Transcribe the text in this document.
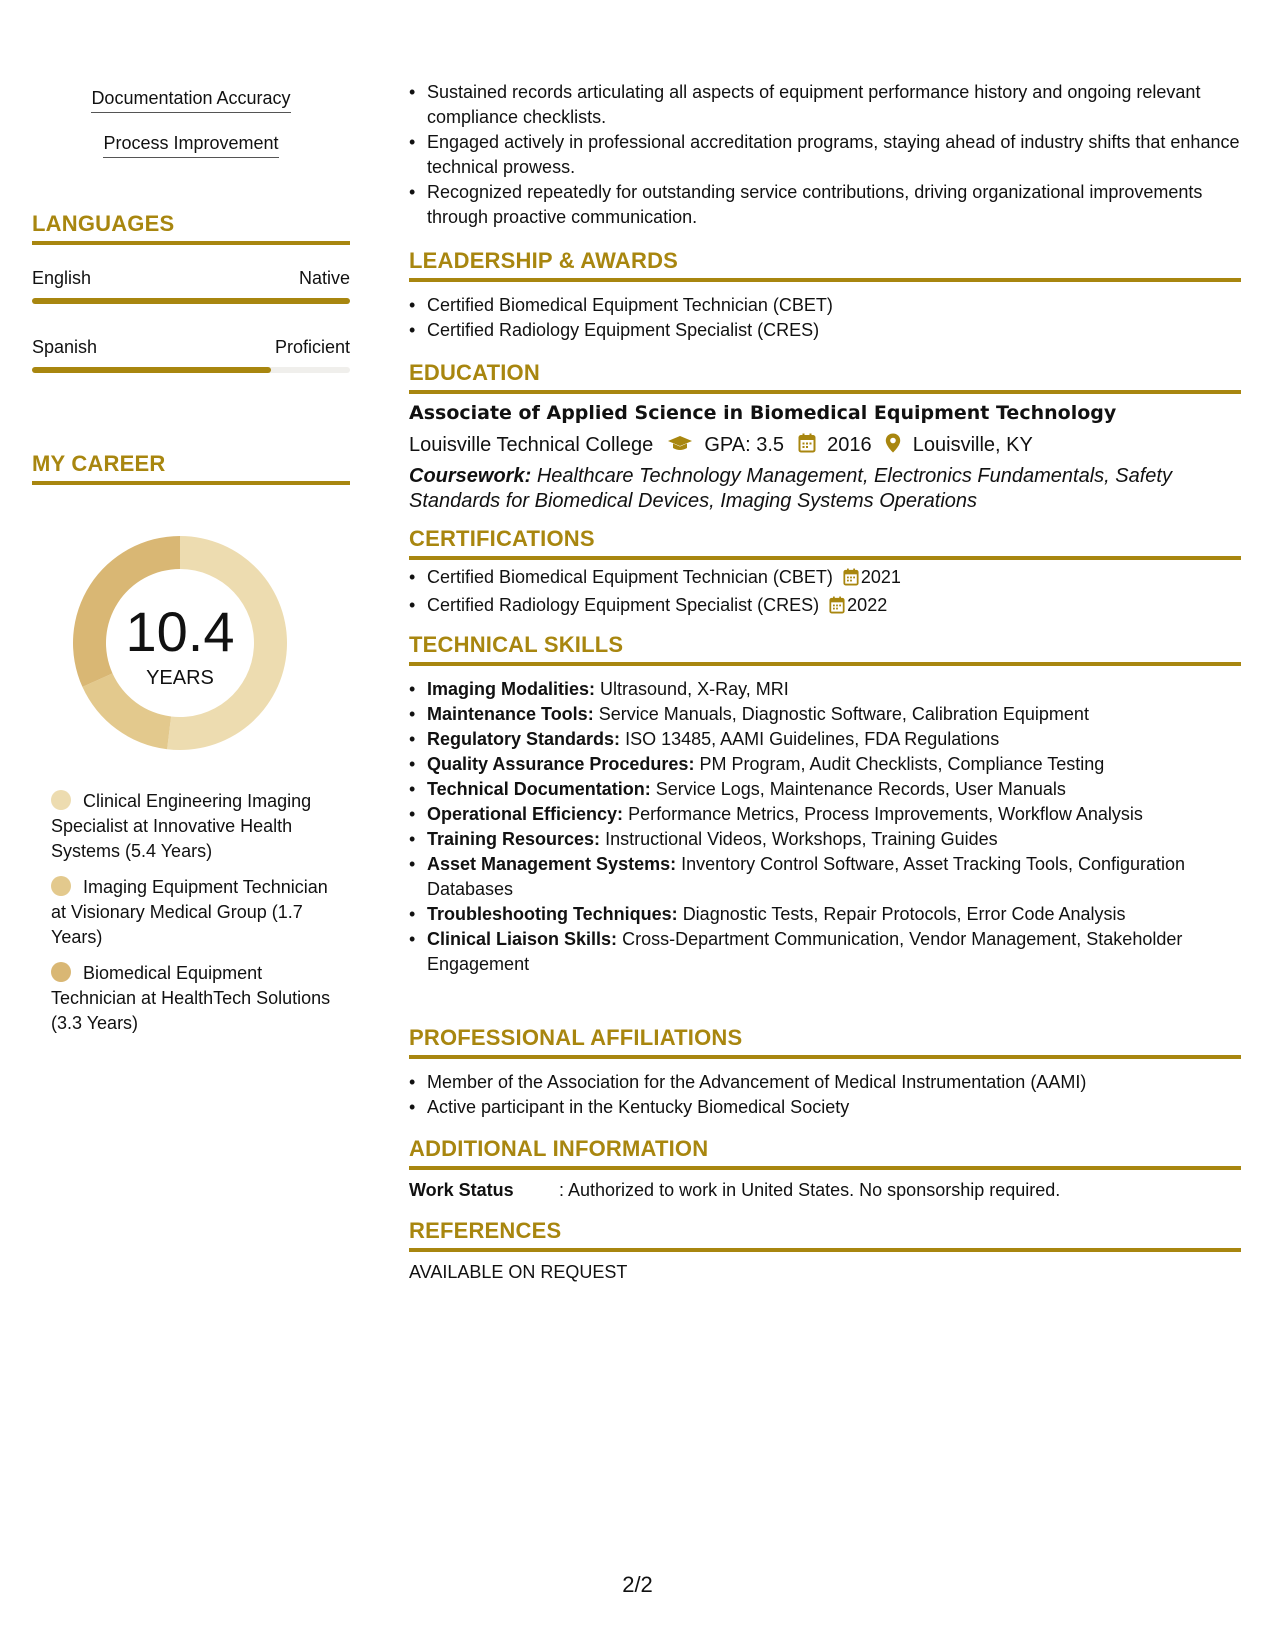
Documentation Accuracy
Process Improvement
LANGUAGES
English	Native
Spanish	Proficient
MY CAREER
10.4
YEARS
Clinical Engineering Imaging Specialist at Innovative Health Systems (5.4 Years)
Imaging Equipment Technician at Visionary Medical Group (1.7 Years)
Biomedical Equipment Technician at HealthTech Solutions (3.3 Years)
• Sustained records articulating all aspects of equipment performance history and ongoing relevant compliance checklists.
• Engaged actively in professional accreditation programs, staying ahead of industry shifts that enhance technical prowess.
• Recognized repeatedly for outstanding service contributions, driving organizational improvements through proactive communication.
LEADERSHIP & AWARDS
• Certified Biomedical Equipment Technician (CBET)
• Certified Radiology Equipment Specialist (CRES)
EDUCATION
Associate of Applied Science in Biomedical Equipment Technology
Louisville Technical College	GPA: 3.5 2016 Louisville, KY
Coursework: Healthcare Technology Management, Electronics Fundamentals, Safety Standards for Biomedical Devices, Imaging Systems Operations
CERTIFICATIONS
• Certified Biomedical Equipment Technician (CBET) 2021
• Certified Radiology Equipment Specialist (CRES) 2022
TECHNICAL SKILLS
• Imaging Modalities: Ultrasound, X-Ray, MRI
• Maintenance Tools: Service Manuals, Diagnostic Software, Calibration Equipment
• Regulatory Standards: ISO 13485, AAMI Guidelines, FDA Regulations
• Quality Assurance Procedures: PM Program, Audit Checklists, Compliance Testing
• Technical Documentation: Service Logs, Maintenance Records, User Manuals
• Operational Efficiency: Performance Metrics, Process Improvements, Workflow Analysis
• Training Resources: Instructional Videos, Workshops, Training Guides
• Asset Management Systems: Inventory Control Software, Asset Tracking Tools, Configuration Databases
• Troubleshooting Techniques: Diagnostic Tests, Repair Protocols, Error Code Analysis
• Clinical Liaison Skills: Cross-Department Communication, Vendor Management, Stakeholder Engagement
PROFESSIONAL AFFILIATIONS
• Member of the Association for the Advancement of Medical Instrumentation (AAMI)
• Active participant in the Kentucky Biomedical Society
ADDITIONAL INFORMATION
Work Status	: Authorized to work in United States. No sponsorship required.
REFERENCES
AVAILABLE ON REQUEST
2/2
